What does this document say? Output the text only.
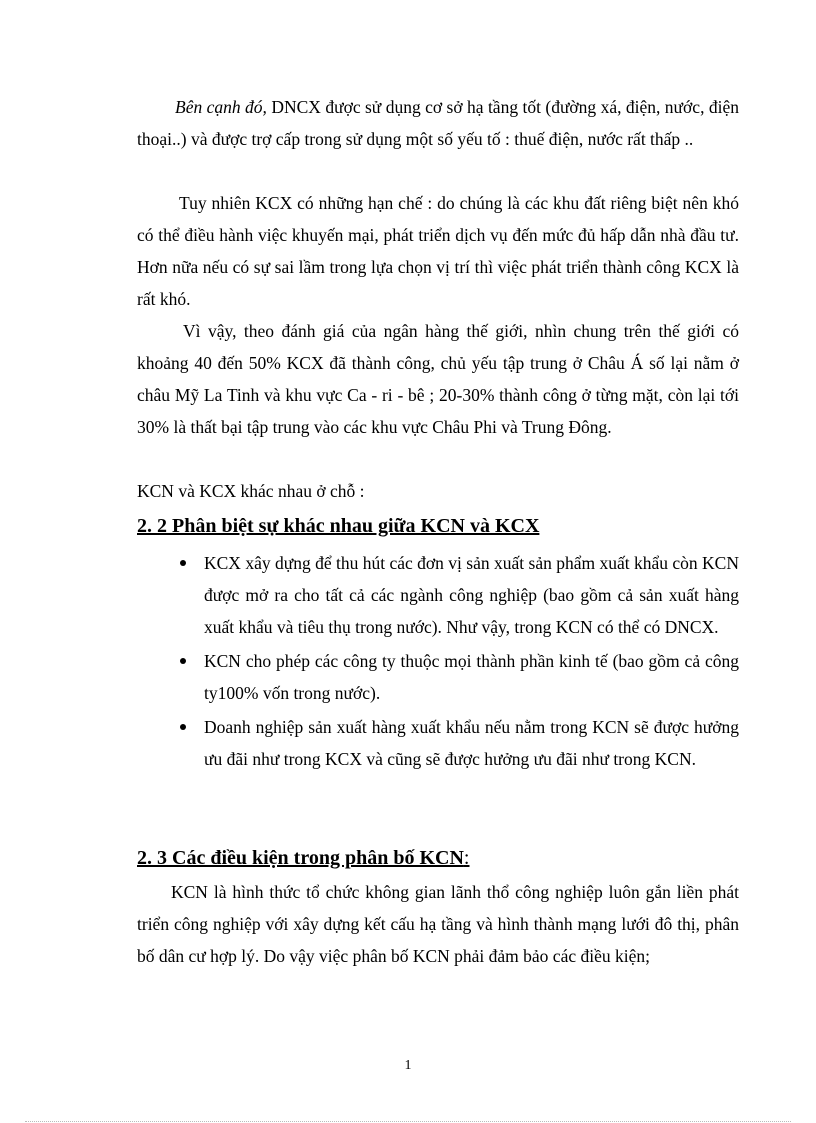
Bên cạnh đó, DNCX được sử dụng cơ sở hạ tầng tốt (đường xá, điện, nước, điện thoại..) và được trợ cấp trong sử dụng một số yếu tố : thuế điện, nước rất thấp ..

Tuy nhiên KCX có những hạn chế : do chúng là các khu đất riêng biệt nên khó có thể điều hành việc khuyến mại, phát triển dịch vụ đến mức đủ hấp dẫn nhà đầu tư. Hơn nữa nếu có sự sai lầm trong lựa chọn vị trí thì việc phát triển thành công KCX là rất khó.

Vì vậy, theo đánh giá của ngân hàng thế giới, nhìn chung trên thế giới có khoảng 40 đến 50% KCX đã thành công, chủ yếu tập trung ở Châu Á số lại nằm ở châu Mỹ La Tinh và khu vực Ca - ri - bê ; 20-30% thành công ở từng mặt, còn lại tới 30% là thất bại tập trung vào các khu vực Châu Phi và Trung Đông.

KCN và KCX khác nhau ở chỗ :

2. 2 Phân biệt sự khác nhau giữa KCN và KCX
KCX xây dựng để thu hút các đơn vị sản xuất sản phẩm xuất khẩu còn KCN được mở ra cho tất cả các ngành công nghiệp (bao gồm cả sản xuất hàng xuất khẩu và tiêu thụ trong nước). Như vậy, trong KCN có thể có DNCX.
KCN cho phép các công ty thuộc mọi thành phần kinh tế (bao gồm cả công ty100% vốn trong nước).
Doanh nghiệp sản xuất hàng xuất khẩu nếu nằm trong KCN sẽ được hưởng ưu đãi như trong KCX và cũng sẽ được hưởng ưu đãi như trong KCN.
2. 3 Các điều kiện trong phân bố KCN:

KCN là hình thức tổ chức không gian lãnh thổ công nghiệp luôn gắn liền phát triển công nghiệp với xây dựng kết cấu hạ tầng và hình thành mạng lưới đô thị, phân bố dân cư hợp lý. Do vậy việc phân bố KCN phải đảm bảo các điều kiện;

1
